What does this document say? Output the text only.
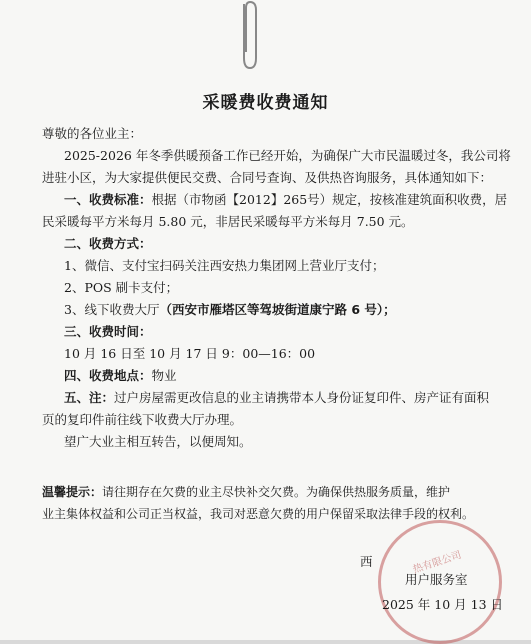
采暖费收费通知
尊敬的各位业主：
2025-2026 年冬季供暖预备工作已经开始，为确保广大市民温暖过冬，我公司将
进驻小区，为大家提供便民交费、合同号查询、及供热咨询服务，具体通知如下：
一、收费标准：根据（市物函【2012】265号）规定，按核准建筑面积收费，居
民采暖每平方米每月 5.80 元，非居民采暖每平方米每月 7.50 元。
二、收费方式：
1、微信、支付宝扫码关注西安热力集团网上营业厅支付；
2、POS 刷卡支付；
3、线下收费大厅（西安市雁塔区等驾坡街道康宁路 6 号）；
三、收费时间：
10 月 16 日至 10 月 17 日 9：00—16：00
四、收费地点：物业
五、注：过户房屋需更改信息的业主请携带本人身份证复印件、房产证有面积
页的复印件前往线下收费大厅办理。
望广大业主相互转告，以便周知。
温馨提示：请往期存在欠费的业主尽快补交欠费。为确保供热服务质量，维护
业主集体权益和公司正当权益，我司对恶意欠费的用户保留采取法律手段的权利。
热有限公司
西
用户服务室
2025 年 10 月 13 日
